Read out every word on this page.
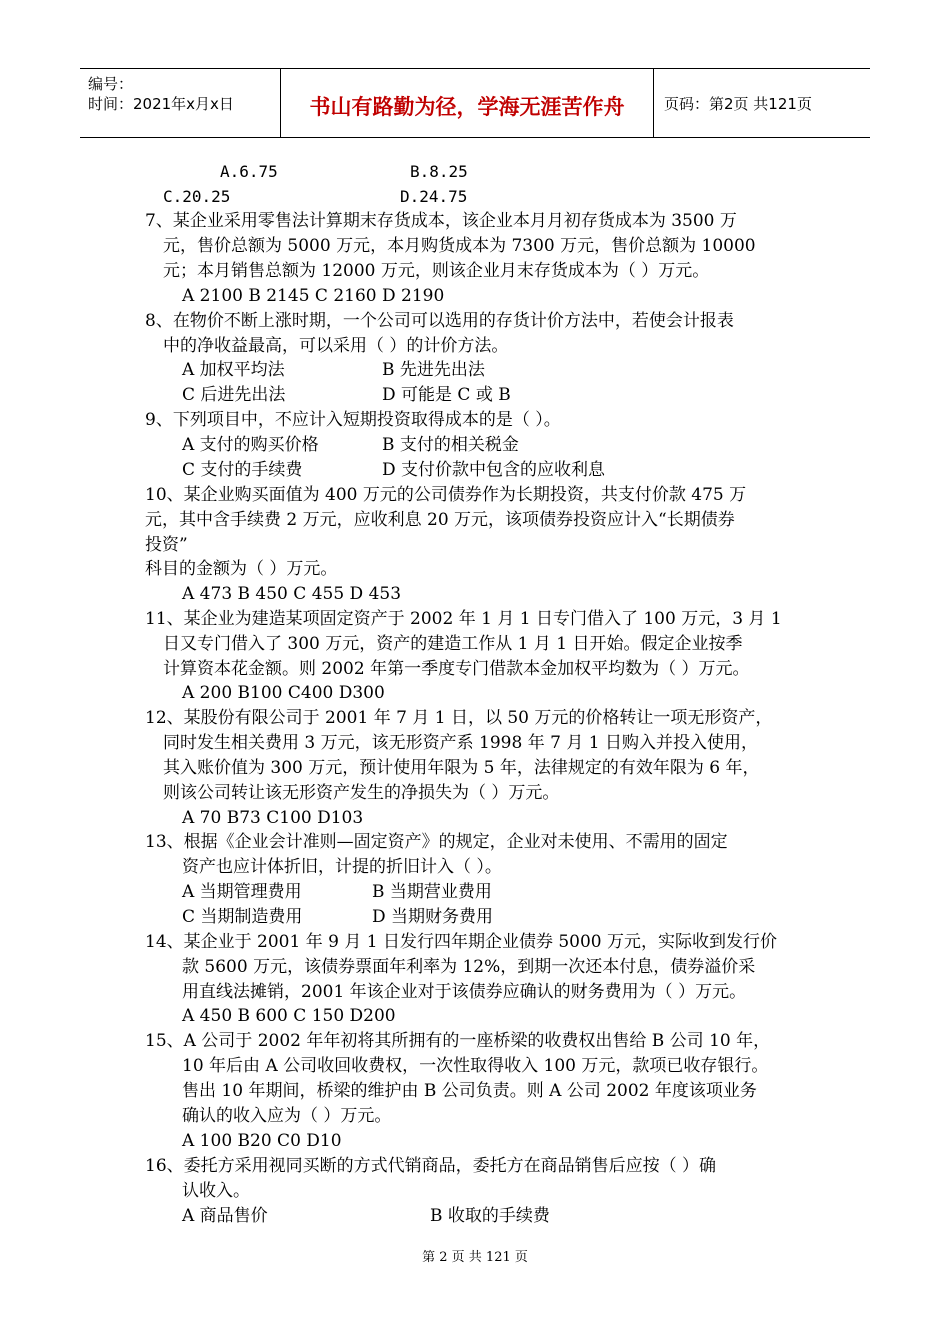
编号：
时间：2021年x月x日	书山有路勤为径，学海无涯苦作舟	页码：第2页 共121页
A.6.75	B.8.25
C.20.25	D.24.75
7、某企业采用零售法计算期末存货成本，该企业本月月初存货成本为 3500 万
元，售价总额为 5000 万元，本月购货成本为 7300 万元，售价总额为 10000
元；本月销售总额为 12000 万元，则该企业月末存货成本为（ ）万元。
A 2100 B 2145 C 2160 D 2190
8、在物价不断上涨时期，一个公司可以选用的存货计价方法中，若使会计报表
中的净收益最高，可以采用（ ）的计价方法。
A 加权平均法	B 先进先出法
C 后进先出法	D 可能是 C 或 B
9、下列项目中，不应计入短期投资取得成本的是（ ）。
A 支付的购买价格	B 支付的相关税金
C 支付的手续费	D 支付价款中包含的应收利息
10、某企业购买面值为 400 万元的公司债券作为长期投资，共支付价款 475 万
元，其中含手续费 2 万元，应收利息 20 万元，该项债券投资应计入“长期债券
投资”
科目的金额为（ ）万元。
A 473 B 450 C 455 D 453
11、某企业为建造某项固定资产于 2002 年 1 月 1 日专门借入了 100 万元，3 月 1
日又专门借入了 300 万元，资产的建造工作从 1 月 1 日开始。假定企业按季
计算资本花金额。则 2002 年第一季度专门借款本金加权平均数为（ ）万元。
A 200 B100 C400 D300
12、某股份有限公司于 2001 年 7 月 1 日，以 50 万元的价格转让一项无形资产，
同时发生相关费用 3 万元，该无形资产系 1998 年 7 月 1 日购入并投入使用，
其入账价值为 300 万元，预计使用年限为 5 年，法律规定的有效年限为 6 年，
则该公司转让该无形资产发生的净损失为（ ）万元。
A 70 B73 C100 D103
13、根据《企业会计准则—固定资产》的规定，企业对未使用、不需用的固定
资产也应计体折旧，计提的折旧计入（ ）。
A 当期管理费用	B 当期营业费用
C 当期制造费用	D 当期财务费用
14、某企业于 2001 年 9 月 1 日发行四年期企业债券 5000 万元，实际收到发行价
款 5600 万元，该债券票面年利率为 12%，到期一次还本付息，债券溢价采
用直线法摊销，2001 年该企业对于该债券应确认的财务费用为（ ）万元。
A 450 B 600 C 150 D200
15、A 公司于 2002 年年初将其所拥有的一座桥梁的收费权出售给 B 公司 10 年，
10 年后由 A 公司收回收费权，一次性取得收入 100 万元，款项已收存银行。
售出 10 年期间，桥梁的维护由 B 公司负责。则 A 公司 2002 年度该项业务
确认的收入应为（ ）万元。
A 100 B20 C0 D10
16、委托方采用视同买断的方式代销商品，委托方在商品销售后应按（ ）确
认收入。
A 商品售价	B 收取的手续费
第 2 页 共 121 页
